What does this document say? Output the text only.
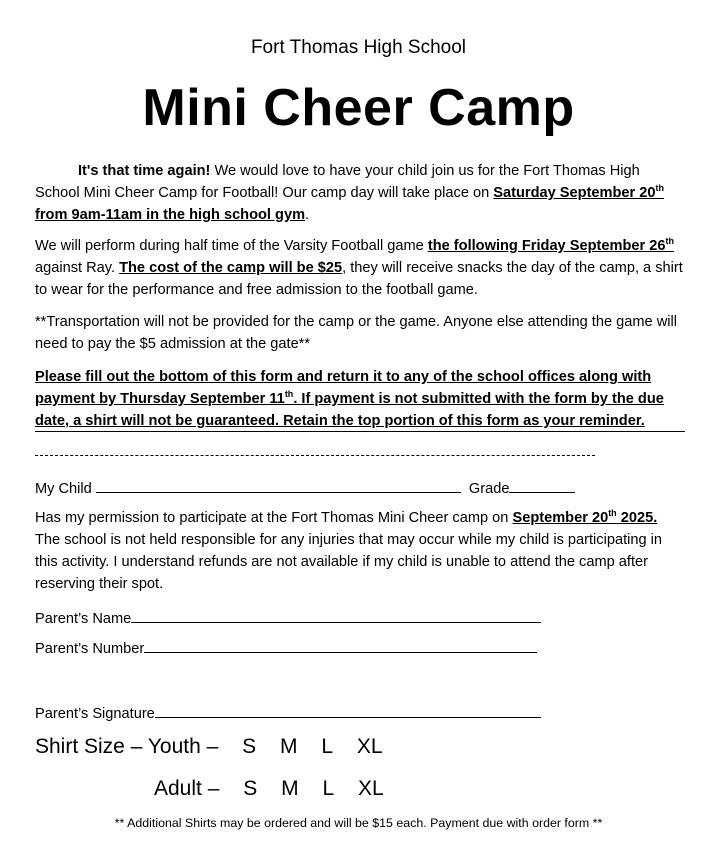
Fort Thomas High School
Mini Cheer Camp
It's that time again! We would love to have your child join us for the Fort Thomas High School Mini Cheer Camp for Football! Our camp day will take place on Saturday September 20th from 9am-11am in the high school gym.
We will perform during half time of the Varsity Football game the following Friday September 26th against Ray. The cost of the camp will be $25, they will receive snacks the day of the camp, a shirt to wear for the performance and free admission to the football game.
**Transportation will not be provided for the camp or the game. Anyone else attending the game will need to pay the $5 admission at the gate**
Please fill out the bottom of this form and return it to any of the school offices along with payment by Thursday September 11th. If payment is not submitted with the form by the due date, a shirt will not be guaranteed. Retain the top portion of this form as your reminder.
My Child	Grade
Has my permission to participate at the Fort Thomas Mini Cheer camp on September 20th 2025. The school is not held responsible for any injuries that may occur while my child is participating in this activity. I understand refunds are not available if my child is unable to attend the camp after reserving their spot.
Parent’s Name
Parent’s Number
Parent’s Signature
Shirt Size – Youth – S M L XL
Adult – S M L XL
** Additional Shirts may be ordered and will be $15 each. Payment due with order form **
